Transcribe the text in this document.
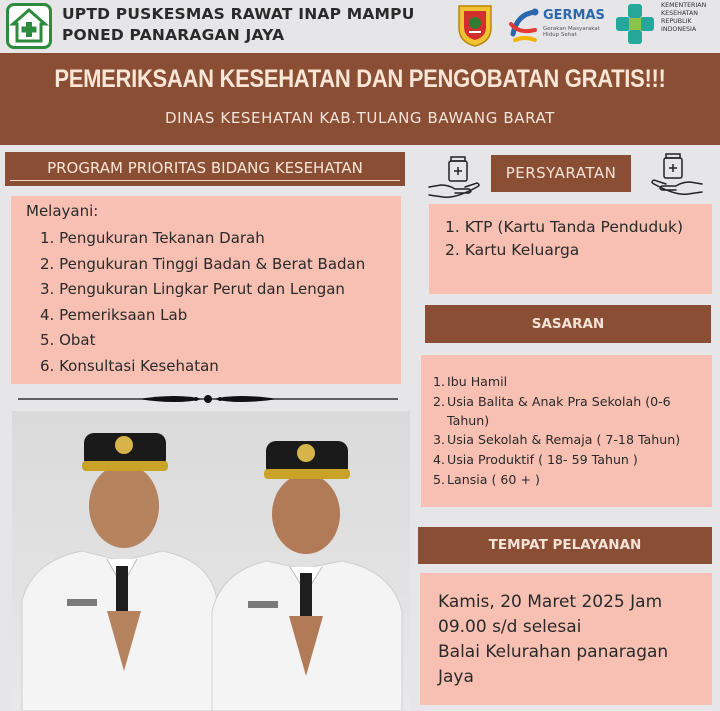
UPTD PUSKESMAS RAWAT INAP MAMPU
PONED PANARAGAN JAYA
GERMAS
Gerakan Masyarakat Hidup Sehat
KEMENTERIAN
KESEHATAN
REPUBLIK
INDONESIA
PEMERIKSAAN KESEHATAN DAN PENGOBATAN GRATIS!!!
DINAS KESEHATAN KAB.TULANG BAWANG BARAT
PROGRAM PRIORITAS BIDANG KESEHATAN
Melayani:
1. Pengukuran Tekanan Darah
2. Pengukuran Tinggi Badan & Berat Badan
3. Pengukuran Lingkar Perut dan Lengan
4. Pemeriksaan Lab
5. Obat
6. Konsultasi Kesehatan
PERSYARATAN
1. KTP (Kartu Tanda Penduduk)
2. Kartu Keluarga
SASARAN
1. Ibu Hamil
2. Usia Balita & Anak Pra Sekolah (0-6
Tahun)
3. Usia Sekolah & Remaja ( 7-18 Tahun)
4. Usia Produktif ( 18- 59 Tahun )
5. Lansia ( 60 + )
TEMPAT PELAYANAN
Kamis, 20 Maret 2025 Jam
09.00 s/d selesai
Balai Kelurahan panaragan
Jaya
